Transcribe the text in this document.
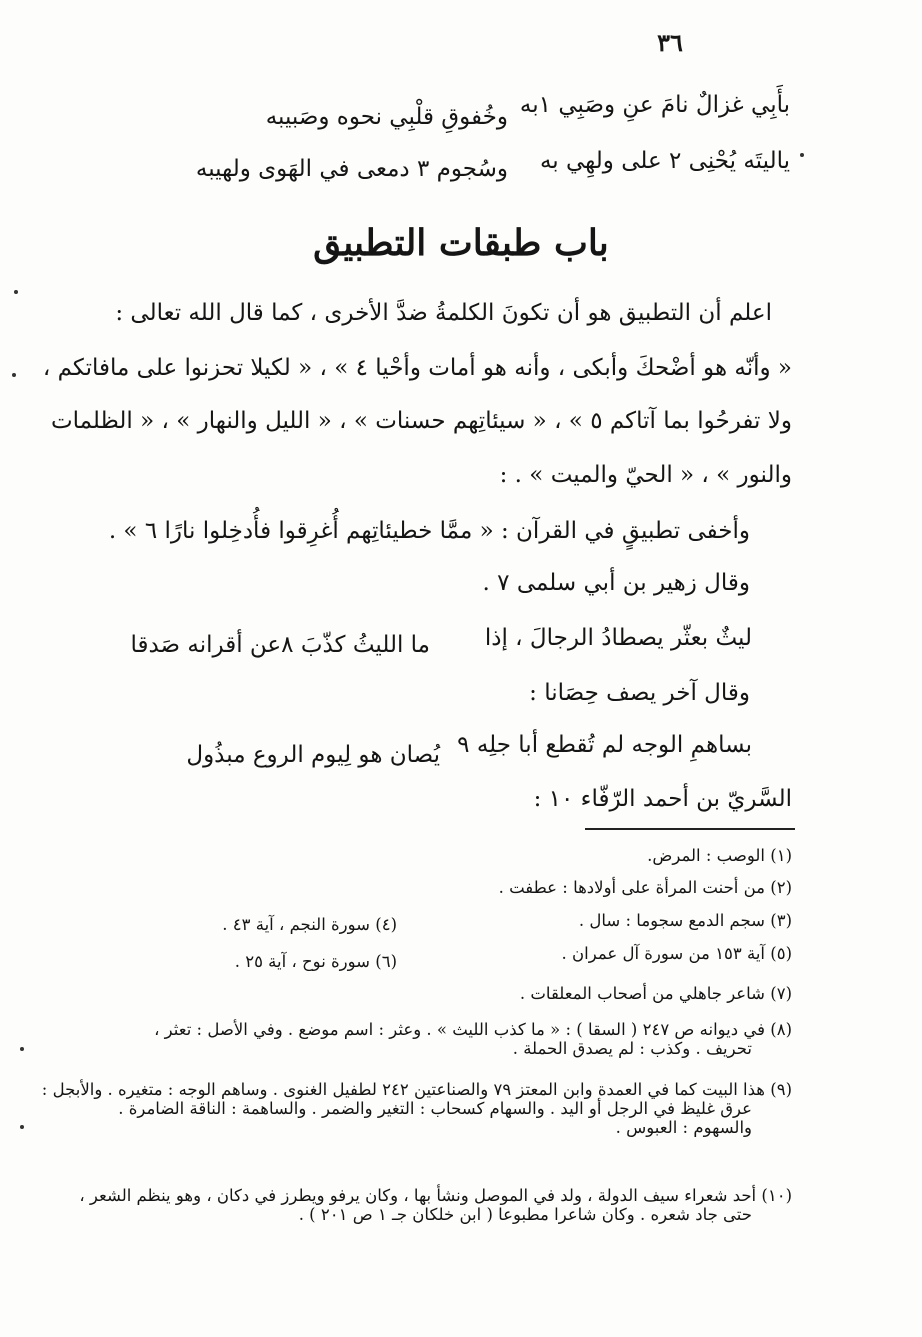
٣٦
بأَبِي غزالٌ نامَ عنِ وصَبِي ١به
وخُفوقِ قلْبِي نحوه وصَبيبه
ياليتَه يُحْنِى ٢ على ولهِي به
وسُجوم ٣ دمعى في الهَوى ولهيبه
باب طبقات التطبيق
اعلم أن التطبيق هو أن تكونَ الكلمةُ ضدَّ الأخرى ، كما قال الله تعالى :
« وأنّه هو أضْحكَ وأبكى ، وأنه هو أمات وأحْيا ٤ » ، « لكيلا تحزنوا على مافاتكم ،
ولا تفرحُوا بما آتاكم ٥ » ، « سيئاتِهم حسنات » ، « الليل والنهار » ، « الظلمات
والنور » ، « الحيّ والميت » . :
وأخفى تطبيقٍ في القرآن : « ممَّا خطيئاتِهم أُغرِقوا فأُدخِلوا نارًا ٦ » .
وقال زهير بن أبي سلمى ٧ .
ليثٌ بعثّر يصطادُ الرجالَ ، إذا
ما الليثُ كذّبَ ٨عن أقرانه صَدقا
وقال آخر يصف حِصَانا :
بساهمِ الوجه لم تُقطع أبا جلِه ٩
يُصان هو لِيوم الروع مبذُول
السَّريّ بن أحمد الرّفّاء ١٠ :
(١) الوصب : المرض.
(٢) من أحنت المرأة على أولادها : عطفت .
(٣) سجم الدمع سجوما : سال .
(٤) سورة النجم ، آية ٤٣ .
(٥) آية ١٥٣ من سورة آل عمران .
(٦) سورة نوح ، آية ٢٥ .
(٧) شاعر جاهلي من أصحاب المعلقات .
(٨) في ديوانه ص ٢٤٧ ( السقا ) : « ما كذب الليث » . وعثر : اسم موضع . وفي الأصل : تعثر ،
تحريف . وكذب : لم يصدق الحملة .
(٩) هذا البيت كما في العمدة وابن المعتز ٧٩ والصناعتين ٢٤٢ لطفيل الغنوى . وساهم الوجه : متغيره . والأبجل :
عرق غليظ في الرجل أو اليد . والسهام كسحاب : التغير والضمر . والساهمة : الناقة الضامرة .
والسهوم : العبوس .
(١٠) أحد شعراء سيف الدولة ، ولد في الموصل ونشأ بها ، وكان يرفو ويطرز في دكان ، وهو ينظم الشعر ،
حتى جاد شعره . وكان شاعرا مطبوعا ( ابن خلكان جـ ١ ص ٢٠١ ) .
